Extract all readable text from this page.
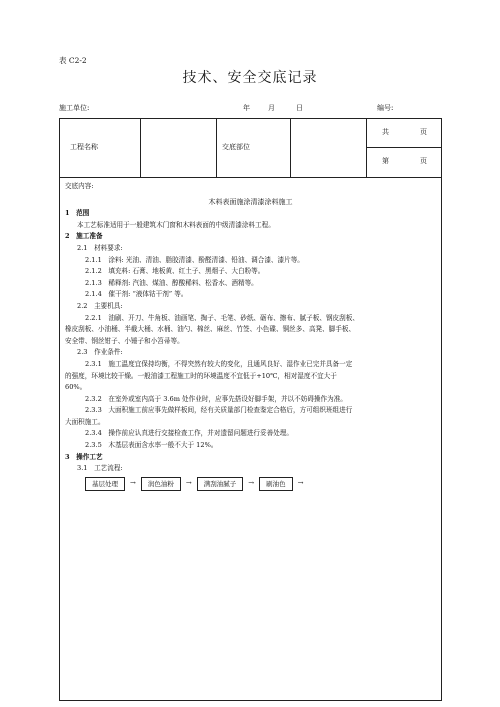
表 C2-2
技术、安全交底记录
施工单位:	年	月	日	编号:
工程名称	交底部位
共	页
第	页
交底内容:
木料表面施涂清漆涂料施工
1　范围
本工艺标准适用于一般建筑木门窗和木料表面的中级清漆涂料工程。
2　施工准备
2.1　材料要求:
2.1.1　涂料: 光油、清油、脂胶清漆、酚醛清漆、铅油、调合漆、漆片等。
2.1.2　填充料: 石膏、地板黄、红土子、黑烟子、大白粉等。
2.1.3　稀释剂: 汽油、煤油、醇酸稀料、松香水、酒精等。
2.1.4　催干剂: “液体钴干剂” 等。
2.2　主要机具:
2.2.1　油刷、开刀、牛角板、油画笔、掏子、毛笔、砂纸、砺布、擦布、腻子板、钢皮刮板、
橡皮刮板、小油桶、半截大桶、水桶、油勺、棉丝、麻丝、竹签、小色碟、铜丝多、高凳、脚手板、
安全带、钢丝钳子、小锤子和小笤帚等。
2.3　作业条件:
2.3.1　施工温度宜保持均衡，不得突然有较大的变化，且通风良好、湿作业已完并具备一定
的强度，环境比较干燥。一般油漆工程施工时的环境温度不宜低于+10℃，相对湿度不宜大于
60%。
2.3.2　在室外或室内高于 3.6m 处作业时，应事先搭设好脚手架，并以不妨碍操作为准。
2.3.3　大面积施工前应事先做样板间，经有关质量部门检查鉴定合格后，方可组织班组进行
大面积施工。
2.3.4　操作前应认真进行交接检查工作，并对遗留问题进行妥善处理。
2.3.5　木基层表面含水率一般不大于 12%。
3　操作工艺
3.1　工艺流程:
基层处理	→	润色油粉	→	满刮油腻子	→	刷油色	→
